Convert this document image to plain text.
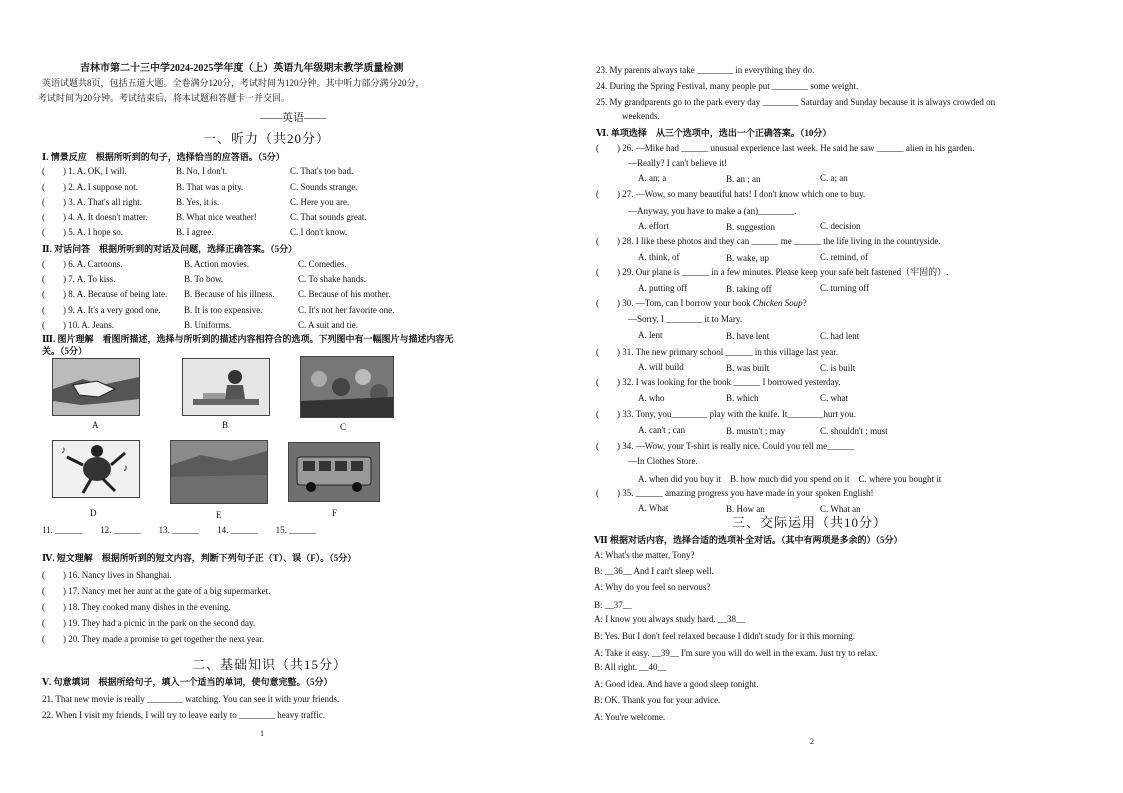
吉林市第二十三中学2024-2025学年度（上）英语九年级期末教学质量检测
英语试题共8页，包括五道大题。全卷满分120分，考试时间为120分钟。其中听力部分满分20分，
考试时间为20分钟。考试结束后，将本试题和答题卡一并交回。
——英语——
一、听力（共20分）
Ⅰ. 情景反应　根据所听到的句子，选择恰当的应答语。（5分）
(　　) 1. A. OK, I will.	B. No, I don't.	C. That's too bad.
(　　) 2. A. I suppose not.	B. That was a pity.	C. Sounds strange.
(　　) 3. A. That's all right.	B. Yes, it is.	C. Here you are.
(　　) 4. A. It doesn't matter.	B. What nice weather!	C. That sounds great.
(　　) 5. A. I hope so.	B. I agree.	C. I don't know.
Ⅱ. 对话问答　根据所听到的对话及问题，选择正确答案。（5分）
(　　) 6. A. Cartoons.	B. Action movies.	C. Comedies.
(　　) 7. A. To kiss.	B. To bow.	C. To shake hands.
(　　) 8. A. Because of being late. B. Because of his illness.	C. Because of his mother.
(　　) 9. A. It's a very good one.	B. It is too expensive.	C. It's not her favorite one.
(　　) 10. A. Jeans.	B. Uniforms.	C. A suit and tie.
Ⅲ. 图片理解　看图所描述，选择与所听到的描述内容相符合的选项。下列图中有一幅图片与描述内容无
关。（5分）
A	B	C
♪
♪
D	E	F
11. ______　　12. ______　　13. ______　　14. ______　　15. ______
Ⅳ. 短文理解　根据所听到的短文内容，判断下列句子正（T）、误（F）。（5分）
(　　) 16. Nancy lives in Shanghai.
(　　) 17. Nancy met her aunt at the gate of a big supermarket.
(　　) 18. They cooked many dishes in the evening.
(　　) 19. They had a picnic in the park on the second day.
(　　) 20. They made a promise to get together the next year.
二、基础知识（共15分）
Ⅴ. 句意填词　根据所给句子，填入一个适当的单词，使句意完整。（5分）
21. That new movie is really ________ watching. You can see it with your friends.
22. When I visit my friends, I will try to leave early to ________ heavy traffic.
1
23. My parents always take ________ in everything they do.
24. During the Spring Festival, many people put ________ some weight.
25. My grandparents go to the park every day ________ Saturday and Sunday because it is always crowded on
weekends.
Ⅵ. 单项选择　从三个选项中，选出一个正确答案。（10分）
(　　) 26. —Mike had ______ unusual experience last week. He said he saw ______ alien in his garden.
—Really? I can't believe it!
A. an; a	B. an ; an	C. a; an
(　　) 27. —Wow, so many beautiful hats! I don't know which one to buy.
—Anyway, you have to make a (an)________.
A. effort	B. suggestion	C. decision
(　　) 28. I like these photos and they can ______ me ______ the life living in the countryside.
A. think, of	B. wake, up	C. remind, of
(　　) 29. Our plane is ______ in a few minutes. Please keep your safe belt fastened（牢固的）.
A. putting off	B. taking off	C. turning off
(　　) 30. —Tom, can I borrow your book Chicken Soup?
—Sorry, I ________ it to Mary.
A. lent	B. have lent	C. had lent
(　　) 31. The new primary school ______ in this village last year.
A. will build	B. was built	C. is built
(　　) 32. I was looking for the book ______ I borrowed yesterday.
A. who	B. which	C. what
(　　) 33. Tony, you________ play with the knife. It________hurt you.
A. can't ; can	B. mustn't ; may	C. shouldn't ; must
(　　) 34. —Wow, your T-shirt is really nice. Could you tell me______
—In Clothes Store.
A. when did you buy it　B. how much did you spend on it　C. where you bought it
(　　) 35. ______ amazing progress you have made in your spoken English!
A. What	B. How an	C. What an
三、交际运用（共10分）
Ⅶ 根据对话内容，选择合适的选项补全对话。（其中有两项是多余的）（5分）
A: What's the matter, Tony?
B: __36__ And I can't sleep well.
A: Why do you feel so nervous?
B: __37__
A: I know you always study hard. __38__
B: Yes. But I don't feel relaxed because I didn't study for it this morning.
A: Take it easy. __39__ I'm sure you will do well in the exam. Just try to relax.
B: All right. __40__
A: Good idea. And have a good sleep tonight.
B: OK. Thank you for your advice.
A: You're welcome.
2
